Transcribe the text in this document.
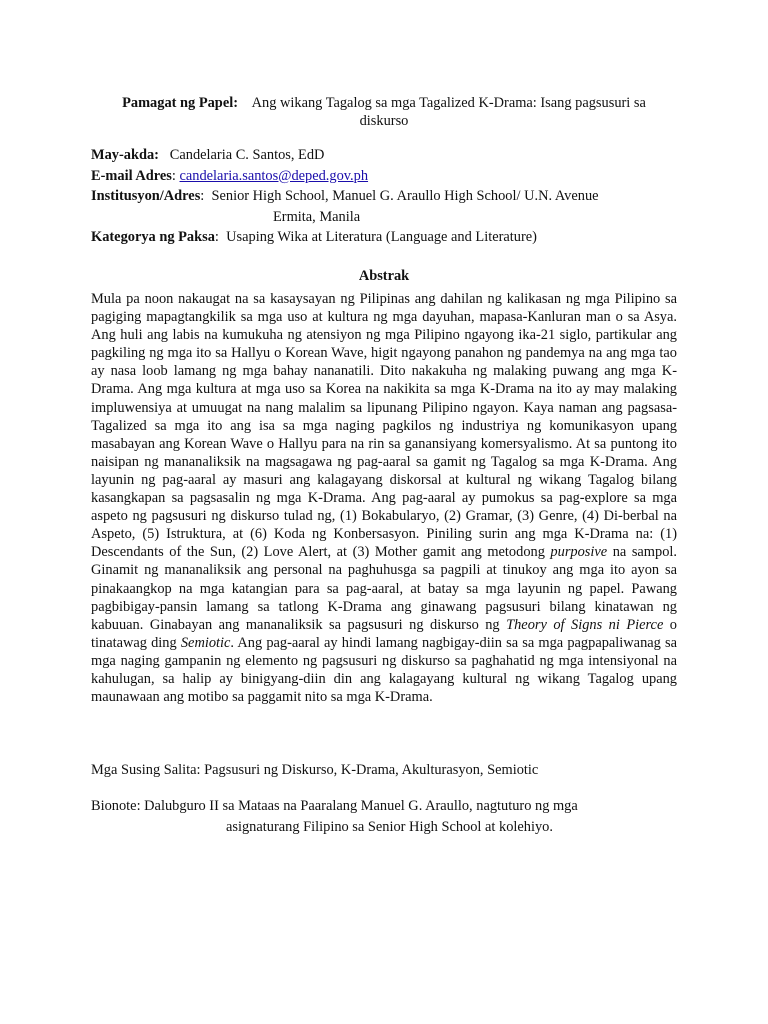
Pamagat ng Papel: Ang wikang Tagalog sa mga Tagalized K-Drama: Isang pagsusuri sa diskurso
May-akda: Candelaria C. Santos, EdD
E-mail Adres: candelaria.santos@deped.gov.ph
Institusyon/Adres:  Senior High School, Manuel G. Araullo High School/ U.N. Avenue
Ermita, Manila
Kategorya ng Paksa:  Usaping Wika at Literatura (Language and Literature)
Abstrak
Mula pa noon nakaugat na sa kasaysayan ng Pilipinas ang dahilan ng kalikasan ng mga Pilipino sa pagiging mapagtangkilik sa mga uso at kultura ng mga dayuhan, mapasa-Kanluran man o sa Asya. Ang huli ang labis na kumukuha ng atensiyon ng mga Pilipino ngayong ika-21 siglo, partikular ang pagkiling ng mga ito sa Hallyu o Korean Wave, higit ngayong panahon ng pandemya na ang mga tao ay nasa loob lamang ng mga bahay nananatili. Dito nakakuha ng malaking puwang ang mga K-Drama. Ang mga kultura at mga uso sa Korea na nakikita sa mga K-Drama na ito ay may malaking impluwensiya at umuugat na nang malalim sa lipunang Pilipino ngayon. Kaya naman ang pagsasa-Tagalized sa mga ito ang isa sa mga naging pagkilos ng industriya ng komunikasyon upang masabayan ang Korean Wave o Hallyu para na rin sa ganansiyang komersyalismo. At sa puntong ito naisipan ng mananaliksik na magsagawa ng pag-aaral sa gamit ng Tagalog sa mga K-Drama. Ang layunin ng pag-aaral ay masuri ang kalagayang diskorsal at kultural ng wikang Tagalog bilang kasangkapan sa pagsasalin ng mga K-Drama. Ang pag-aaral ay pumokus sa pag-explore sa mga aspeto ng pagsusuri ng diskurso tulad ng, (1) Bokabularyo, (2) Gramar, (3) Genre, (4) Di-berbal na Aspeto, (5) Istruktura, at (6) Koda ng Konbersasyon. Piniling surin ang mga K-Drama na: (1) Descendants of the Sun, (2) Love Alert, at (3) Mother gamit ang metodong purposive na sampol. Ginamit ng mananaliksik ang personal na paghuhusga sa pagpili at tinukoy ang mga ito ayon sa pinakaangkop na mga katangian para sa pag-aaral, at batay sa mga layunin ng papel. Pawang pagbibigay-pansin lamang sa tatlong K-Drama ang ginawang pagsusuri bilang kinatawan ng kabuuan. Ginabayan ang mananaliksik sa pagsusuri ng diskurso ng Theory of Signs ni Pierce o tinatawag ding Semiotic. Ang pag-aaral ay hindi lamang nagbigay-diin sa sa mga pagpapaliwanag sa mga naging gampanin ng elemento ng pagsusuri ng diskurso sa paghahatid ng mga intensiyonal na kahulugan, sa halip ay binigyang-diin din ang kalagayang kultural ng wikang Tagalog upang maunawaan ang motibo sa paggamit nito sa mga K-Drama.
Mga Susing Salita: Pagsusuri ng Diskurso, K-Drama, Akulturasyon, Semiotic
Bionote: Dalubguro II sa Mataas na Paaralang Manuel G. Araullo, nagtuturo ng mga
asignaturang Filipino sa Senior High School at kolehiyo.
